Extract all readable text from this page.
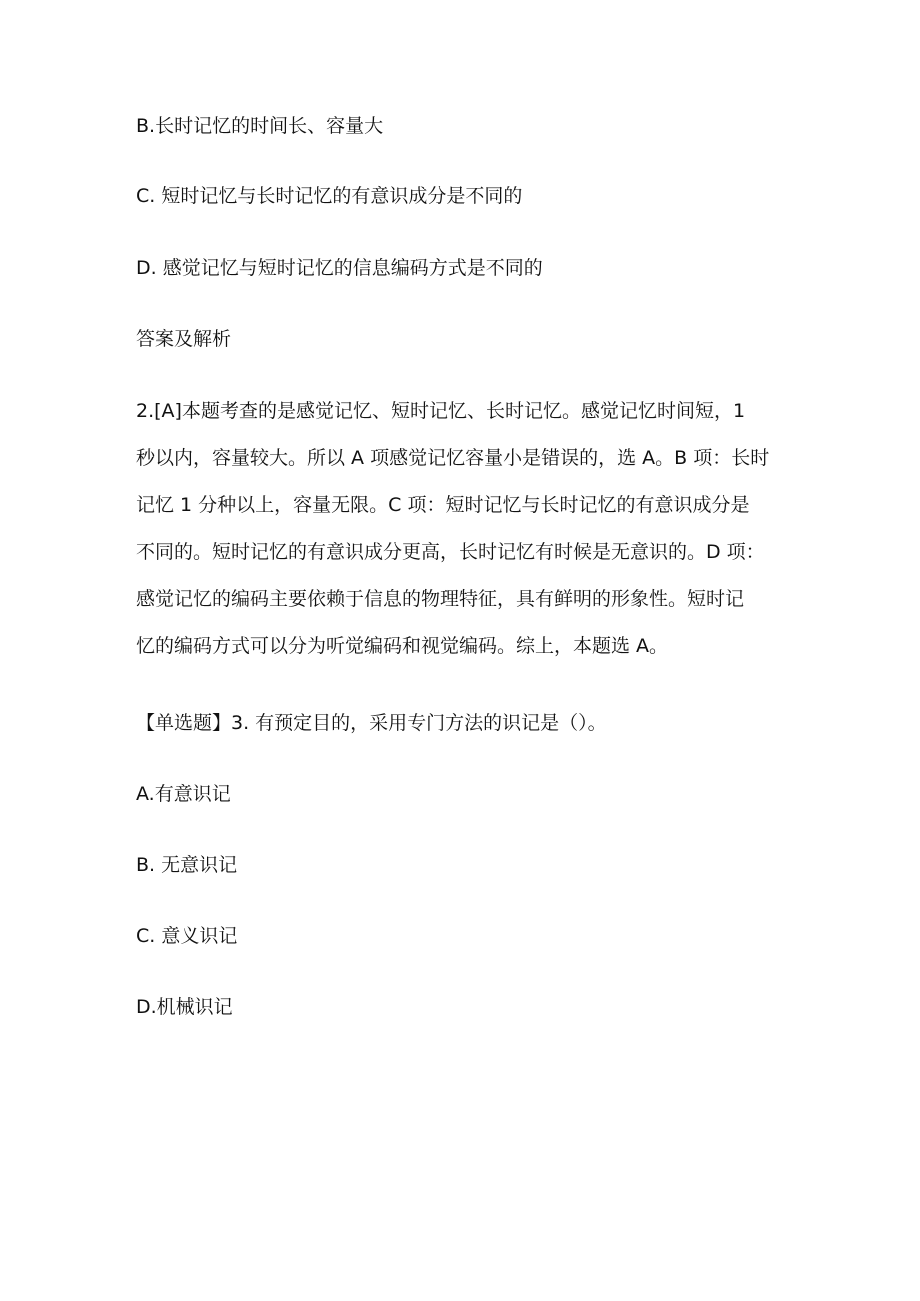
B.长时记忆的时间长、容量大
C. 短时记忆与长时记忆的有意识成分是不同的
D. 感觉记忆与短时记忆的信息编码方式是不同的
答案及解析
2.[A]本题考查的是感觉记忆、短时记忆、长时记忆。感觉记忆时间短，1
秒以内，容量较大。所以 A 项感觉记忆容量小是错误的，选 A。B 项：长时
记忆 1 分种以上，容量无限。C 项：短时记忆与长时记忆的有意识成分是
不同的。短时记忆的有意识成分更高，长时记忆有时候是无意识的。D 项：
感觉记忆的编码主要依赖于信息的物理特征，具有鲜明的形象性。短时记
忆的编码方式可以分为听觉编码和视觉编码。综上，本题选 A。
【单选题】3. 有预定目的，采用专门方法的识记是（）。
A.有意识记
B. 无意识记
C. 意义识记
D.机械识记
